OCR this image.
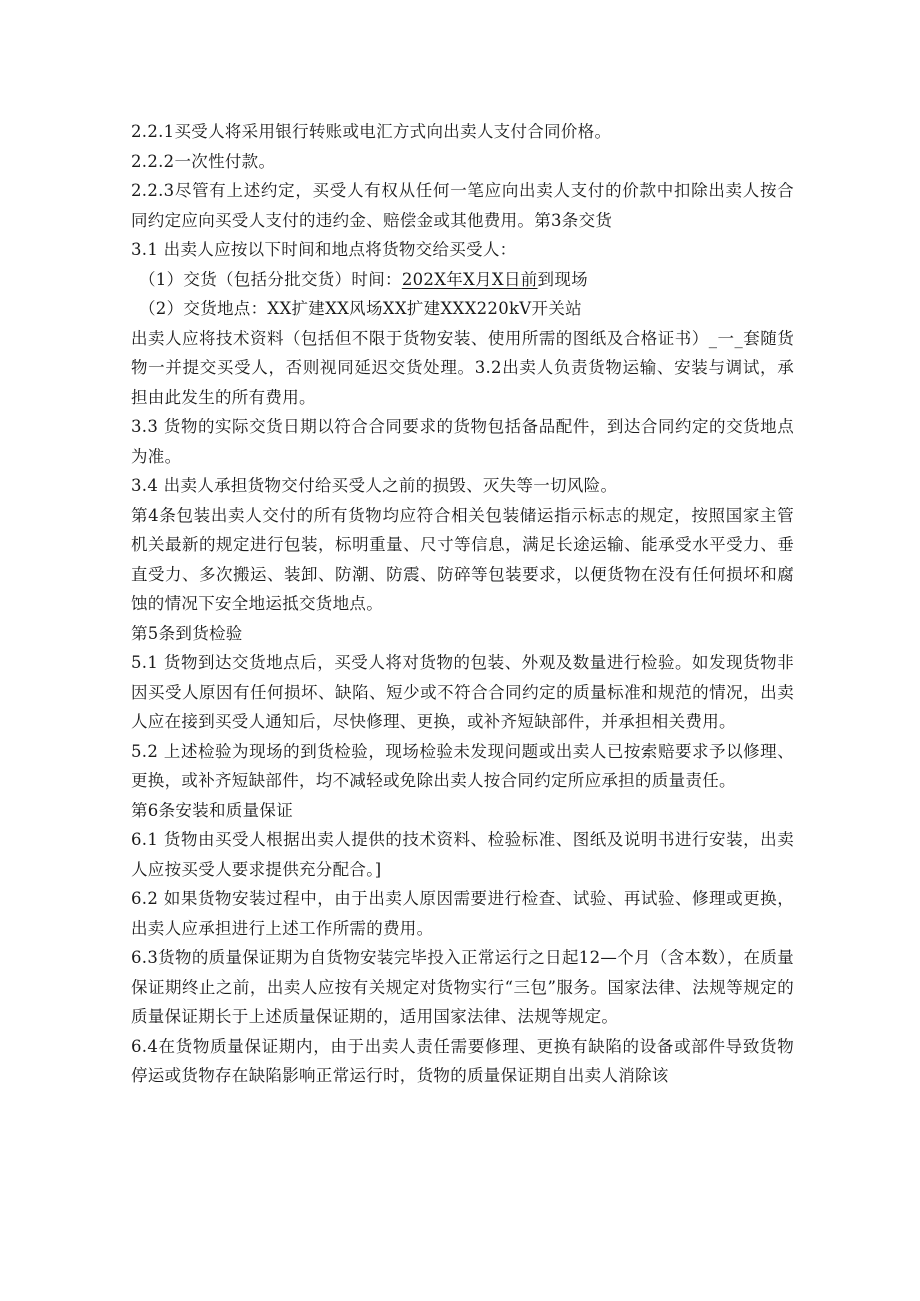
2.2.1买受人将采用银行转账或电汇方式向出卖人支付合同价格。

2.2.2一次性付款。

2.2.3尽管有上述约定，买受人有权从任何一笔应向出卖人支付的价款中扣除出卖人按合同约定应向买受人支付的违约金、赔偿金或其他费用。第3条交货

3.1 出卖人应按以下时间和地点将货物交给买受人：

（1）交货（包括分批交货）时间：202X年X月X日前到现场

（2）交货地点：XX扩建XX风场XX扩建XXX220kV开关站

出卖人应将技术资料（包括但不限于货物安装、使用所需的图纸及合格证书）_一_套随货物一并提交买受人，否则视同延迟交货处理。3.2出卖人负责货物运输、安装与调试，承担由此发生的所有费用。

3.3 货物的实际交货日期以符合合同要求的货物包括备品配件，到达合同约定的交货地点为准。

3.4 出卖人承担货物交付给买受人之前的损毁、灭失等一切风险。

第4条包装出卖人交付的所有货物均应符合相关包装储运指示标志的规定，按照国家主管机关最新的规定进行包装，标明重量、尺寸等信息，满足长途运输、能承受水平受力、垂直受力、多次搬运、装卸、防潮、防震、防碎等包装要求，以便货物在没有任何损坏和腐蚀的情况下安全地运抵交货地点。

第5条到货检验

5.1 货物到达交货地点后，买受人将对货物的包装、外观及数量进行检验。如发现货物非因买受人原因有任何损坏、缺陷、短少或不符合合同约定的质量标准和规范的情况，出卖人应在接到买受人通知后，尽快修理、更换，或补齐短缺部件，并承担相关费用。

5.2 上述检验为现场的到货检验，现场检验未发现问题或出卖人已按索赔要求予以修理、更换，或补齐短缺部件，均不减轻或免除出卖人按合同约定所应承担的质量责任。

第6条安装和质量保证

6.1 货物由买受人根据出卖人提供的技术资料、检验标准、图纸及说明书进行安装，出卖人应按买受人要求提供充分配合。]

6.2 如果货物安装过程中，由于出卖人原因需要进行检查、试验、再试验、修理或更换，出卖人应承担进行上述工作所需的费用。

6.3货物的质量保证期为自货物安装完毕投入正常运行之日起12—个月（含本数），在质量保证期终止之前，出卖人应按有关规定对货物实行“三包”服务。国家法律、法规等规定的质量保证期长于上述质量保证期的，适用国家法律、法规等规定。

6.4在货物质量保证期内，由于出卖人责任需要修理、更换有缺陷的设备或部件导致货物停运或货物存在缺陷影响正常运行时，货物的质量保证期自出卖人消除该
